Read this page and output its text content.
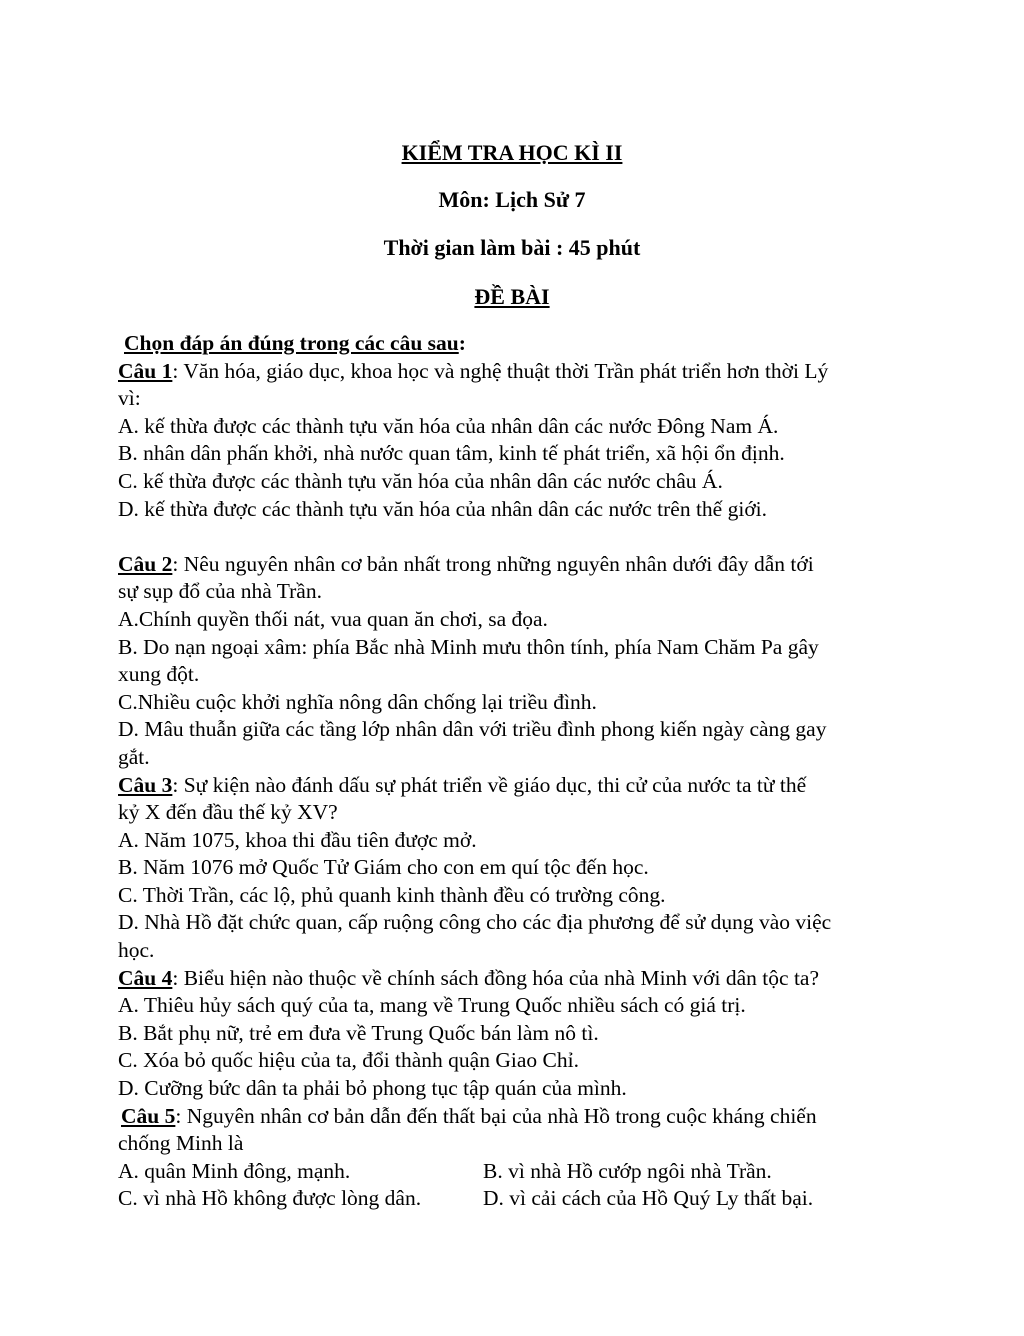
KIỂM TRA HỌC KÌ II
Môn: Lịch Sử 7
Thời gian làm bài : 45 phút
ĐỀ BÀI
Chọn đáp án đúng trong các câu sau:
Câu 1: Văn hóa, giáo dục, khoa học và nghệ thuật thời Trần phát triển hơn thời Lý
vì:
A. kế thừa được các thành tựu văn hóa của nhân dân các nước Đông Nam Á.
B. nhân dân phấn khởi, nhà nước quan tâm, kinh tế phát triển, xã hội ổn định.
C. kế thừa được các thành tựu văn hóa của nhân dân các nước châu Á.
D. kế thừa được các thành tựu văn hóa của nhân dân các nước trên thế giới.
Câu 2: Nêu nguyên nhân cơ bản nhất trong những nguyên nhân dưới đây dẫn tới
sự sụp đổ của nhà Trần.
A.Chính quyền thối nát, vua quan ăn chơi, sa đọa.
B. Do nạn ngoại xâm: phía Bắc nhà Minh mưu thôn tính, phía Nam Chăm Pa gây
xung đột.
C.Nhiều cuộc khởi nghĩa nông dân chống lại triều đình.
D. Mâu thuẫn giữa các tầng lớp nhân dân với triều đình phong kiến ngày càng gay
gắt.
Câu 3: Sự kiện nào đánh dấu sự phát triển về giáo dục, thi cử của nước ta từ thế
kỷ X đến đầu thế kỷ XV?
A. Năm 1075, khoa thi đầu tiên được mở.
B. Năm 1076 mở Quốc Tử Giám cho con em quí tộc đến học.
C. Thời Trần, các lộ, phủ quanh kinh thành đều có trường công.
D. Nhà Hồ đặt chức quan, cấp ruộng công cho các địa phương để sử dụng vào việc
học.
Câu 4: Biểu hiện nào thuộc về chính sách đồng hóa của nhà Minh với dân tộc ta?
A. Thiêu hủy sách quý của ta, mang về Trung Quốc nhiều sách có giá trị.
B. Bắt phụ nữ, trẻ em đưa về Trung Quốc bán làm nô tì.
C. Xóa bỏ quốc hiệu của ta, đổi thành quận Giao Chỉ.
D. Cưỡng bức dân ta phải bỏ phong tục tập quán của mình.
Câu 5: Nguyên nhân cơ bản dẫn đến thất bại của nhà Hồ trong cuộc kháng chiến
chống Minh là
A. quân Minh đông, mạnh.	B. vì nhà Hồ cướp ngôi nhà Trần.
C. vì nhà Hồ không được lòng dân.	D. vì cải cách của Hồ Quý Ly thất bại.
